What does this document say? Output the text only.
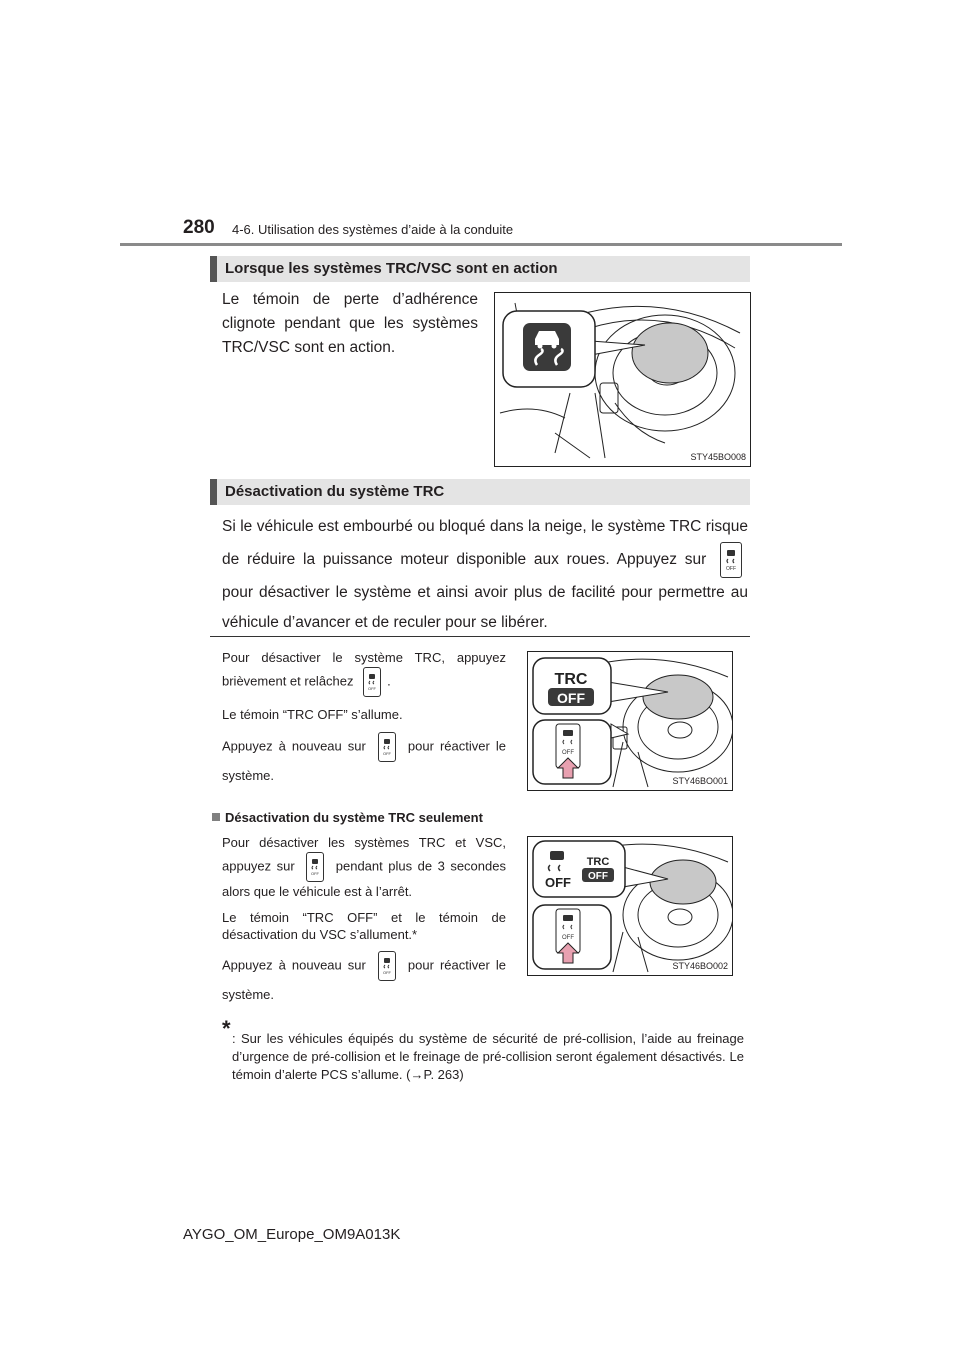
280 4-6. Utilisation des systèmes d’aide à la conduite
Lorsque les systèmes TRC/VSC sont en action
Le témoin de perte d’adhérence clignote pendant que les systèmes TRC/VSC sont en action.
STY45BO008
Désactivation du système TRC
Si le véhicule est embourbé ou bloqué dans la neige, le système TRC risque de réduire la puissance moteur disponible aux roues. Appuyez sur
OFF
pour désactiver le système et ainsi avoir plus de facilité pour permettre au véhicule d’avancer et de reculer pour se libérer.
Pour désactiver le système TRC, appuyez brièvement et relâchez
OFF
.
Le témoin “TRC OFF” s’allume.
Appuyez à nouveau sur
OFF
pour réactiver le système.
TRC
OFF
OFF
STY46BO001
Désactivation du système TRC seulement
Pour désactiver les systèmes TRC et VSC, appuyez sur
OFF
pendant plus de 3 secondes alors que le véhicule est à l’arrêt.
Le témoin “TRC OFF” et le témoin de désactivation du VSC s’allument.*
Appuyez à nouveau sur
OFF
pour réactiver le système.
OFF
TRC
OFF
OFF
STY46BO002
* : Sur les véhicules équipés du système de sécurité de pré-collision, l’aide au freinage d’urgence de pré-collision et le freinage de pré-collision seront également désactivés. Le témoin d’alerte PCS s’allume. (→P. 263)
AYGO_OM_Europe_OM9A013K
